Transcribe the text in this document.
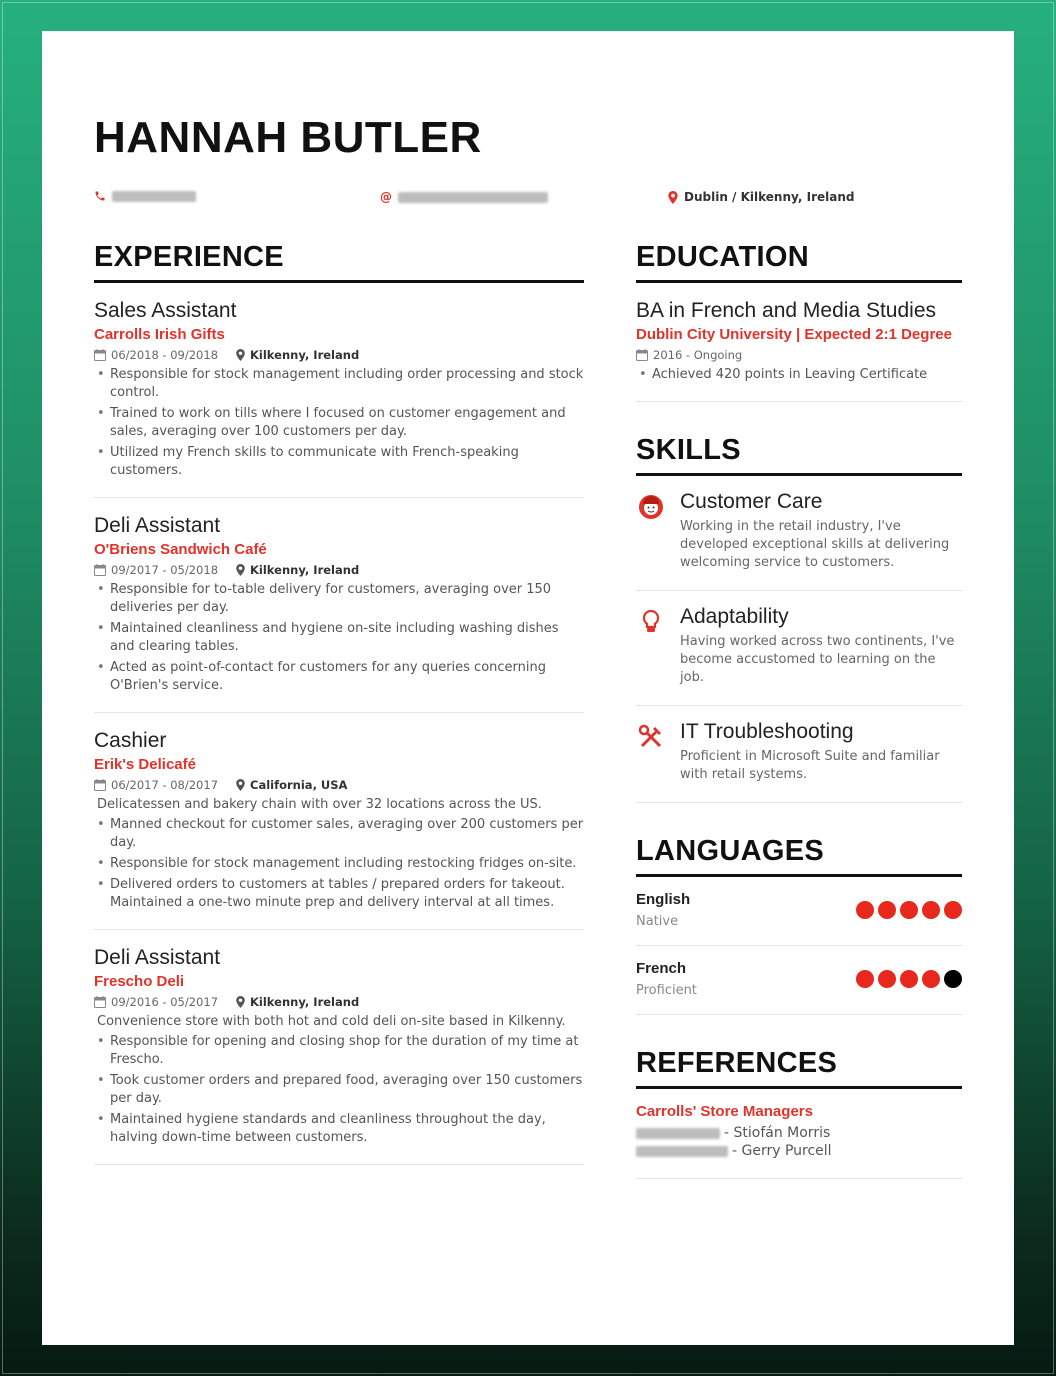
HANNAH BUTLER
@	Dublin / Kilkenny, Ireland
EXPERIENCE

Sales Assistant

Carrolls Irish Gifts

06/2018 - 09/2018	Kilkenny, Ireland
• Responsible for stock management including order processing and stock control.
• Trained to work on tills where I focused on customer engagement and sales, averaging over 100 customers per day.
• Utilized my French skills to communicate with French-speaking customers.

Deli Assistant

O'Briens Sandwich Café

09/2017 - 05/2018	Kilkenny, Ireland
• Responsible for to-table delivery for customers, averaging over 150 deliveries per day.
• Maintained cleanliness and hygiene on-site including washing dishes and clearing tables.
• Acted as point-of-contact for customers for any queries concerning O'Brien's service.

Cashier

Erik's Delicafé

06/2017 - 08/2017	California, USA

Delicatessen and bakery chain with over 32 locations across the US.

• Manned checkout for customer sales, averaging over 200 customers per day.
• Responsible for stock management including restocking fridges on-site.
• Delivered orders to customers at tables / prepared orders for takeout. Maintained a one-two minute prep and delivery interval at all times.

Deli Assistant

Frescho Deli

09/2016 - 05/2017	Kilkenny, Ireland

Convenience store with both hot and cold deli on-site based in Kilkenny.

• Responsible for opening and closing shop for the duration of my time at Frescho.
• Took customer orders and prepared food, averaging over 150 customers per day.
• Maintained hygiene standards and cleanliness throughout the day, halving down-time between customers.
EDUCATION

BA in French and Media Studies

Dublin City University | Expected 2:1 Degree

2016 - Ongoing
• Achieved 420 points in Leaving Certificate
SKILLS

Customer Care

Working in the retail industry, I've developed exceptional skills at delivering welcoming service to customers.

Adaptability

Having worked across two continents, I've become accustomed to learning on the job.

IT Troubleshooting

Proficient in Microsoft Suite and familiar with retail systems.

LANGUAGES

English

Native

French

Proficient

REFERENCES

Carrolls' Store Managers

- Stiofán Morris
- Gerry Purcell
